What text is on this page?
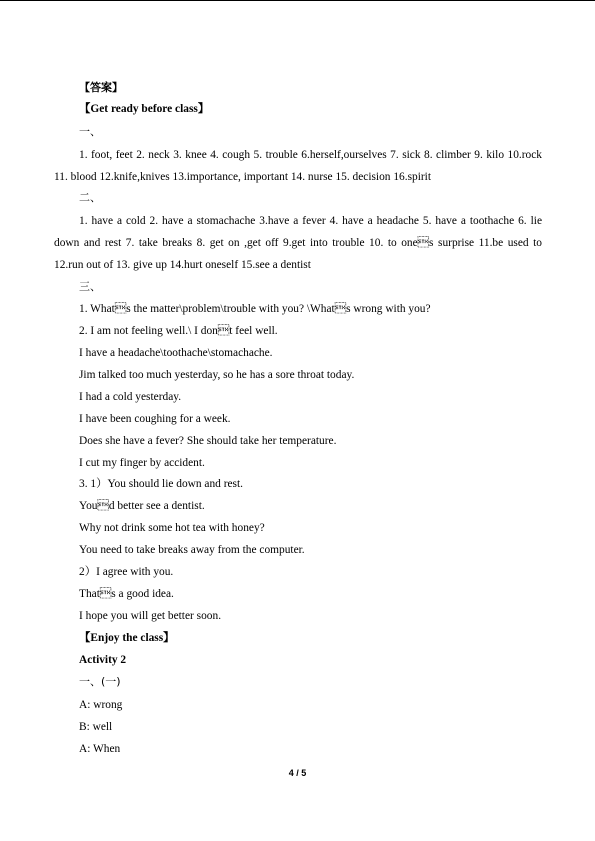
【答案】
【Get ready before class】
一、
1. foot, feet 2. neck 3. knee 4. cough 5. trouble 6.herself,ourselves 7. sick 8. climber 9. kilo 10.rock
11. blood 12.knife,knives 13.importance, important 14. nurse 15. decision 16.spirit
二、
1. have a cold 2. have a stomachache 3.have a fever 4. have a headache 5. have a toothache 6. lie
down and rest 7. take breaks 8. get on ,get off 9.get into trouble 10. to ones surprise 11.be used to
12.run out of 13. give up 14.hurt oneself 15.see a dentist
三、
1. Whats the matter\problem\trouble with you? \Whats wrong with you?
2. I am not feeling well.\ I dont feel well.
I have a headache\toothache\stomachache.
Jim talked too much yesterday, so he has a sore throat today.
I had a cold yesterday.
I have been coughing for a week.
Does she have a fever? She should take her temperature.
I cut my finger by accident.
3. 1）You should lie down and rest.
Youd better see a dentist.
Why not drink some hot tea with honey?
You need to take breaks away from the computer.
2）I agree with you.
Thats a good idea.
I hope you will get better soon.
【Enjoy the class】
Activity 2
一、(一)
A: wrong
B: well
A: When
4 / 5
